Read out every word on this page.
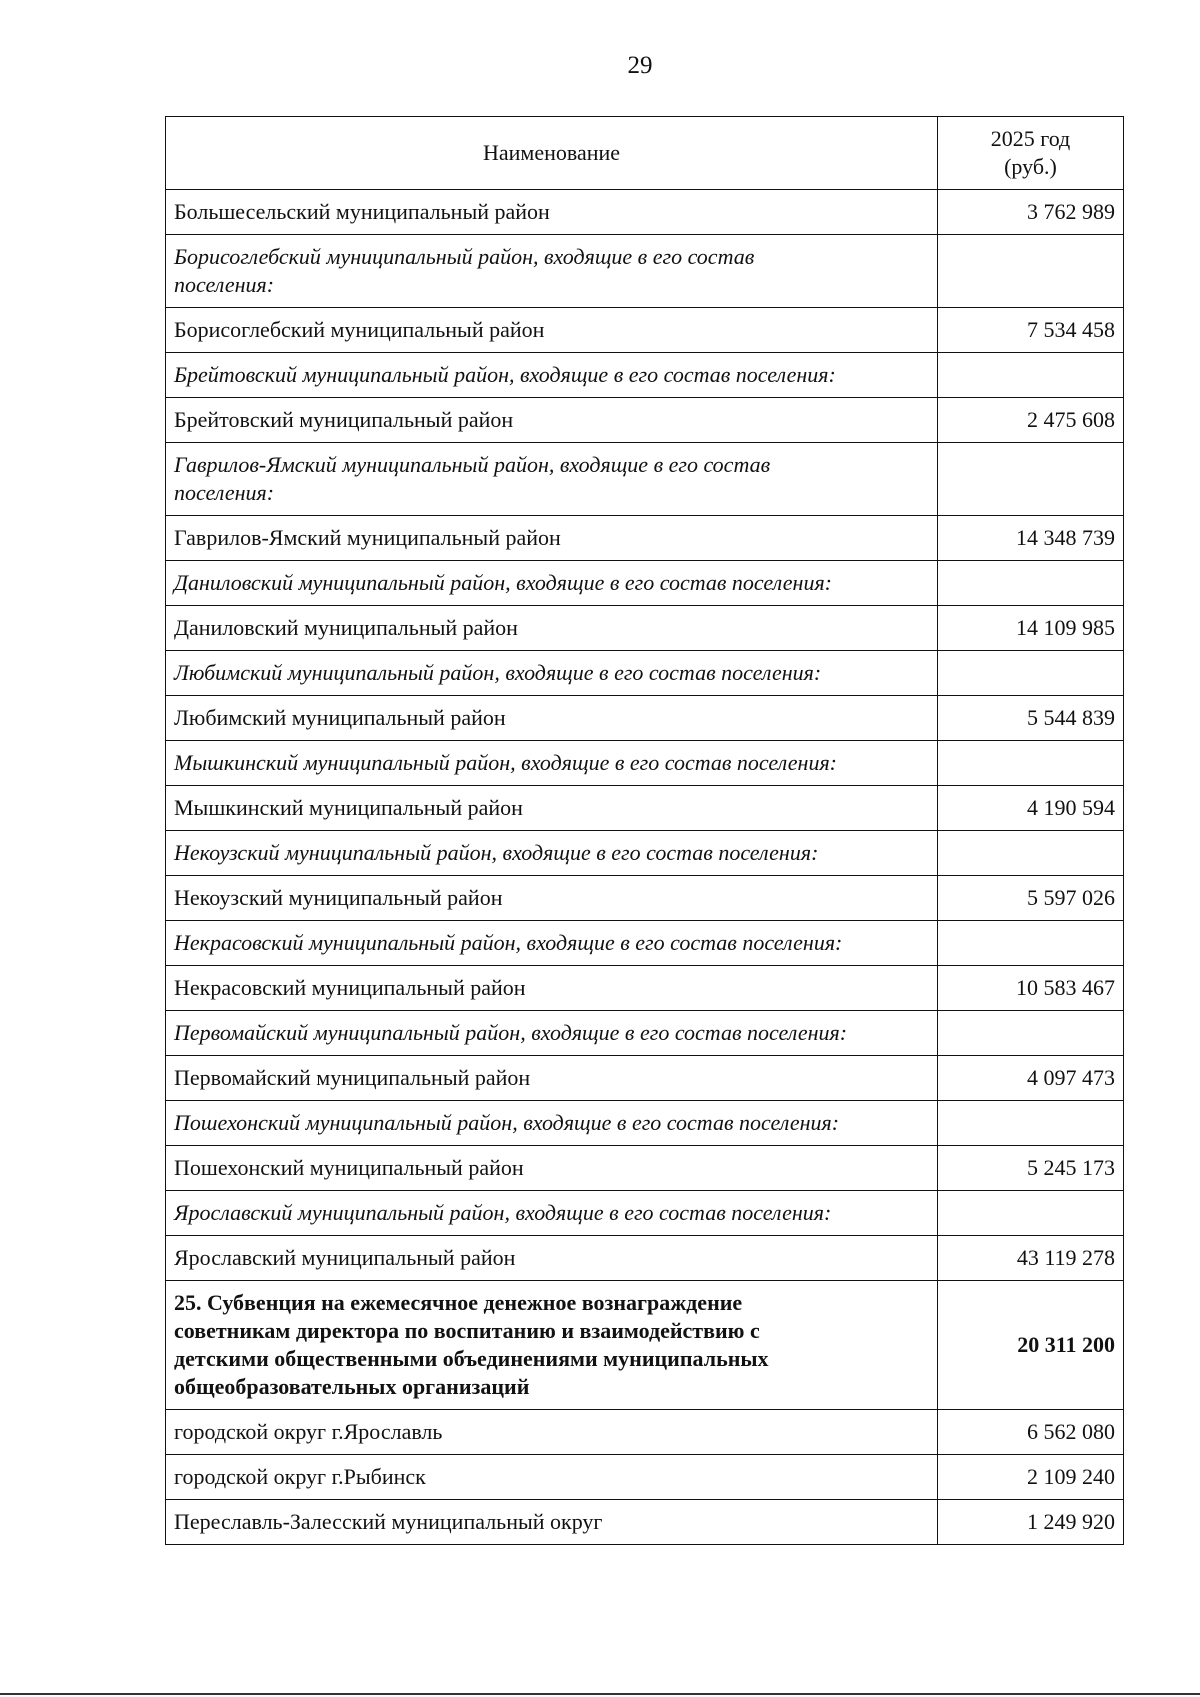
29
Наименование	2025 год
(руб.)
Большесельский муниципальный район	3 762 989
Борисоглебский муниципальный район, входящие в его состав поселения:	
Борисоглебский муниципальный район	7 534 458
Брейтовский муниципальный район, входящие в его состав поселения:	
Брейтовский муниципальный район	2 475 608
Гаврилов-Ямский муниципальный район, входящие в его состав поселения:	
Гаврилов-Ямский муниципальный район	14 348 739
Даниловский муниципальный район, входящие в его состав поселения:	
Даниловский муниципальный район	14 109 985
Любимский муниципальный район, входящие в его состав поселения:	
Любимский муниципальный район	5 544 839
Мышкинский муниципальный район, входящие в его состав поселения:	
Мышкинский муниципальный район	4 190 594
Некоузский муниципальный район, входящие в его состав поселения:	
Некоузский муниципальный район	5 597 026
Некрасовский муниципальный район, входящие в его состав поселения:	
Некрасовский муниципальный район	10 583 467
Первомайский муниципальный район, входящие в его состав поселения:	
Первомайский муниципальный район	4 097 473
Пошехонский муниципальный район, входящие в его состав поселения:	
Пошехонский муниципальный район	5 245 173
Ярославский муниципальный район, входящие в его состав поселения:	
Ярославский муниципальный район	43 119 278
25. Субвенция на ежемесячное денежное вознаграждение советникам директора по воспитанию и взаимодействию с детскими общественными объединениями муниципальных общеобразовательных организаций	20 311 200
городской округ г.Ярославль	6 562 080
городской округ г.Рыбинск	2 109 240
Переславль-Залесский муниципальный округ	1 249 920
